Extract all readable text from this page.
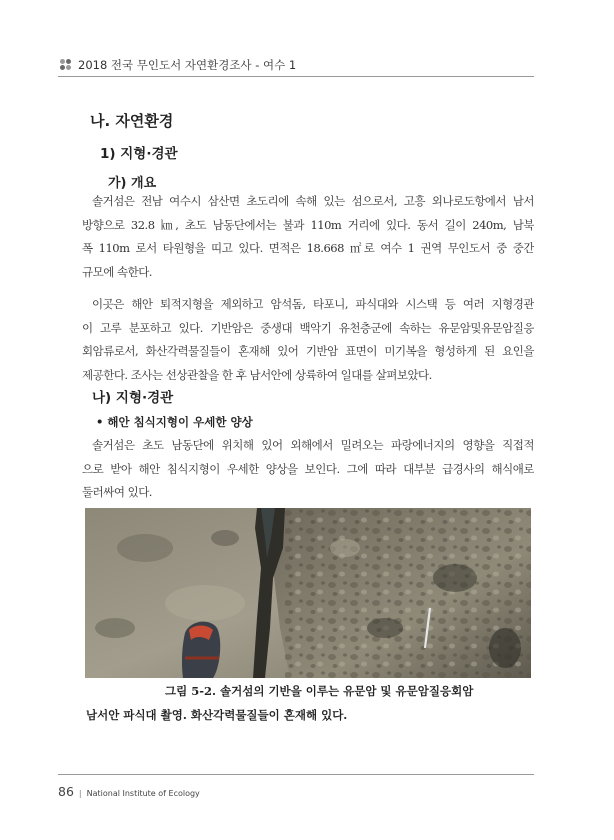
2018 전국 무인도서 자연환경조사 - 여수 1
나. 자연환경
1) 지형·경관
가) 개요
솔거섬은 전남 여수시 삼산면 초도리에 속해 있는 섬으로서, 고흥 외나로도항에서 남서
방향으로 32.8 ㎞, 초도 남동단에서는 불과 110m 거리에 있다. 동서 길이 240m, 남북
폭 110m 로서 타원형을 띠고 있다. 면적은 18.668 ㎡로 여수 1 권역 무인도서 중 중간
규모에 속한다.
이곳은 해안 퇴적지형을 제외하고 암석돔, 타포니, 파식대와 시스택 등 여러 지형경관
이 고루 분포하고 있다. 기반암은 중생대 백악기 유천층군에 속하는 유문암및유문암질응
회암류로서, 화산각력물질들이 혼재해 있어 기반암 표면이 미기복을 형성하게 된 요인을
제공한다. 조사는 선상관찰을 한 후 남서안에 상륙하여 일대를 살펴보았다.
나) 지형·경관
• 해안 침식지형이 우세한 양상
솔거섬은 초도 남동단에 위치해 있어 외해에서 밀려오는 파랑에너지의 영향을 직접적
으로 받아 해안 침식지형이 우세한 양상을 보인다. 그에 따라 대부분 급경사의 해식애로
둘러싸여 있다.
그림 5-2. 솔거섬의 기반을 이루는 유문암 및 유문암질응회암
남서안 파식대 촬영. 화산각력물질들이 혼재해 있다.
86 | National Institute of Ecology
